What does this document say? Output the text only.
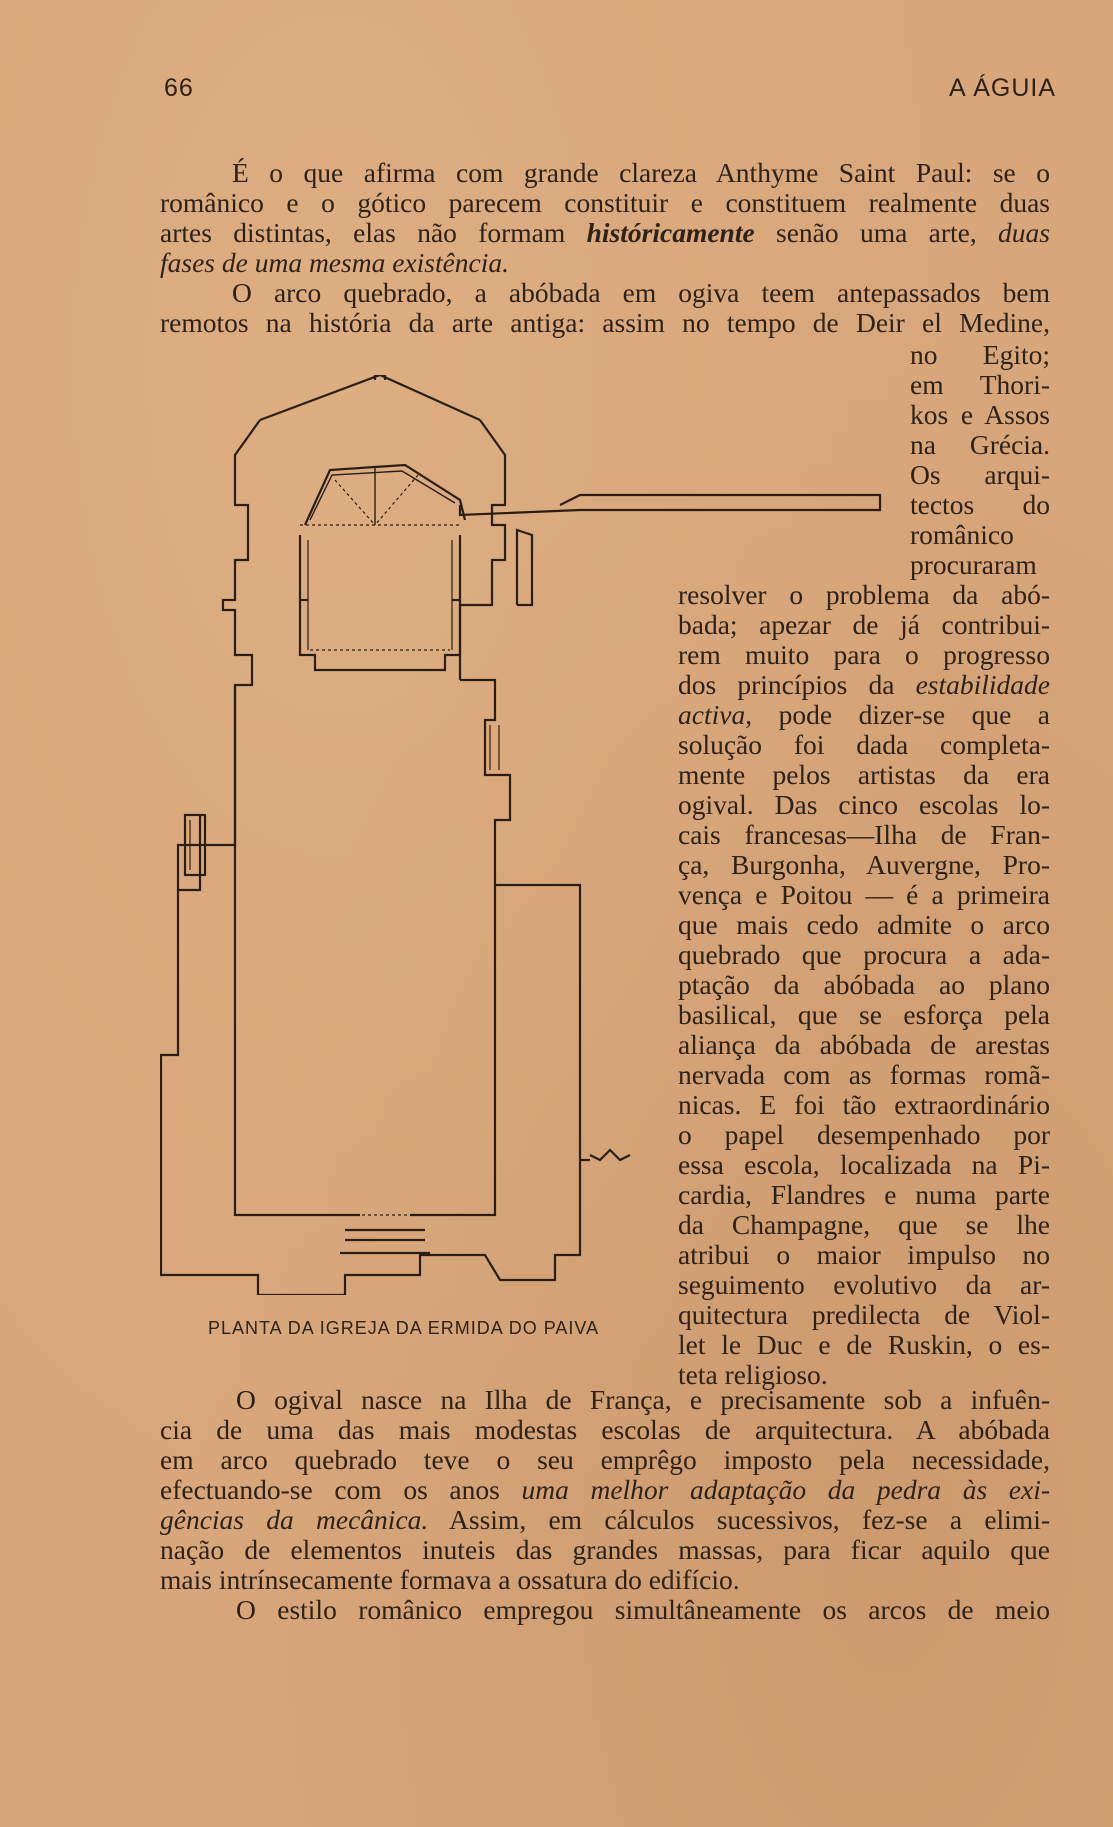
66	A ÁGUIA
É o que afirma com grande clareza Anthyme Saint Paul: se o
românico e o gótico parecem constituir e constituem realmente duas
artes distintas, elas não formam históricamente senão uma arte, duas
fases de uma mesma existência.
O arco quebrado, a abóbada em ogiva teem antepassados bem
remotos na história da arte antiga: assim no tempo de Deir el Medine,
no Egito;
em Thori-
kos e Assos
na Grécia.
Os arqui-
tectos do
românico
procuraram
resolver o problema da abó-
bada; apezar de já contribui-
rem muito para o progresso
dos princípios da estabilidade
activa, pode dizer-se que a
solução foi dada completa-
mente pelos artistas da era
ogival. Das cinco escolas lo-
cais francesas—Ilha de Fran-
ça, Burgonha, Auvergne, Pro-
vença e Poitou — é a primeira
que mais cedo admite o arco
quebrado que procura a ada-
ptação da abóbada ao plano
basilical, que se esforça pela
aliança da abóbada de arestas
nervada com as formas romã-
nicas. E foi tão extraordinário
o papel desempenhado por
essa escola, localizada na Pi-
cardia, Flandres e numa parte
da Champagne, que se lhe
atribui o maior impulso no
seguimento evolutivo da ar-
quitectura predilecta de Viol-
let le Duc e de Ruskin, o es-
teta religioso.
O ogival nasce na Ilha de França, e precisamente sob a infuên-
cia de uma das mais modestas escolas de arquitectura. A abóbada
em arco quebrado teve o seu emprêgo imposto pela necessidade,
efectuando-se com os anos uma melhor adaptação da pedra às exi-
gências da mecânica. Assim, em cálculos sucessivos, fez-se a elimi-
nação de elementos inuteis das grandes massas, para ficar aquilo que
mais intrínsecamente formava a ossatura do edifício.
O estilo românico empregou simultâneamente os arcos de meio
PLANTA DA IGREJA DA ERMIDA DO PAIVA
